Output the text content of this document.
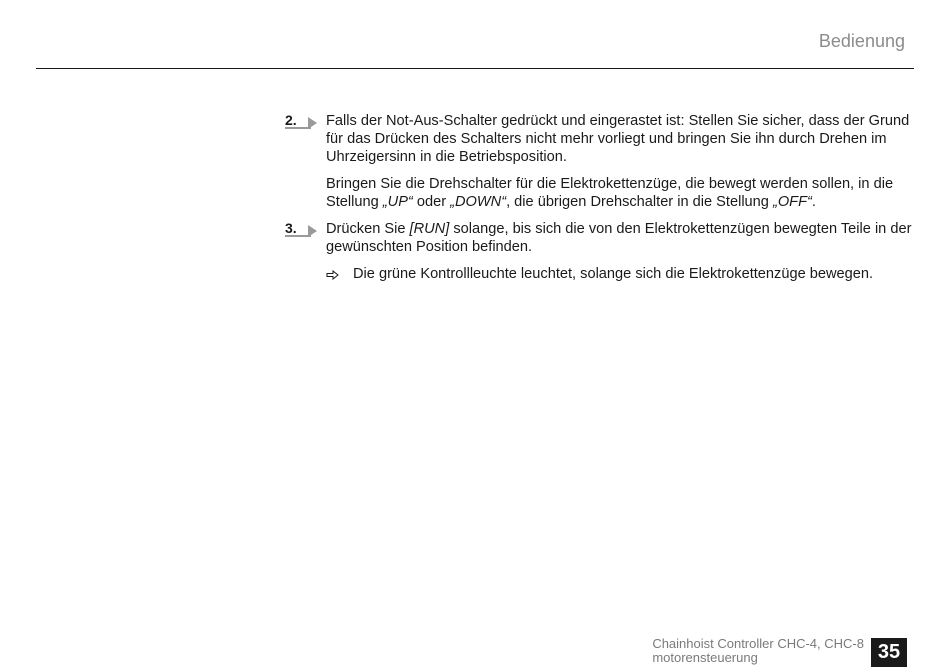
Bedienung
2. Falls der Not-Aus-Schalter gedrückt und eingerastet ist: Stellen Sie sicher, dass der Grund für das Drücken des Schalters nicht mehr vorliegt und bringen Sie ihn durch Drehen im Uhrzeigersinn in die Betriebsposition.
Bringen Sie die Drehschalter für die Elektrokettenzüge, die bewegt werden sollen, in die Stellung „UP“ oder „DOWN“, die übrigen Drehschalter in die Stellung „OFF“.
3. Drücken Sie [RUN] solange, bis sich die von den Elektrokettenzügen bewegten Teile in der gewünschten Position befinden.
Die grüne Kontrollleuchte leuchtet, solange sich die Elektrokettenzüge bewegen.
Chainhoist Controller CHC-4, CHC-8
motorensteuerung	35
